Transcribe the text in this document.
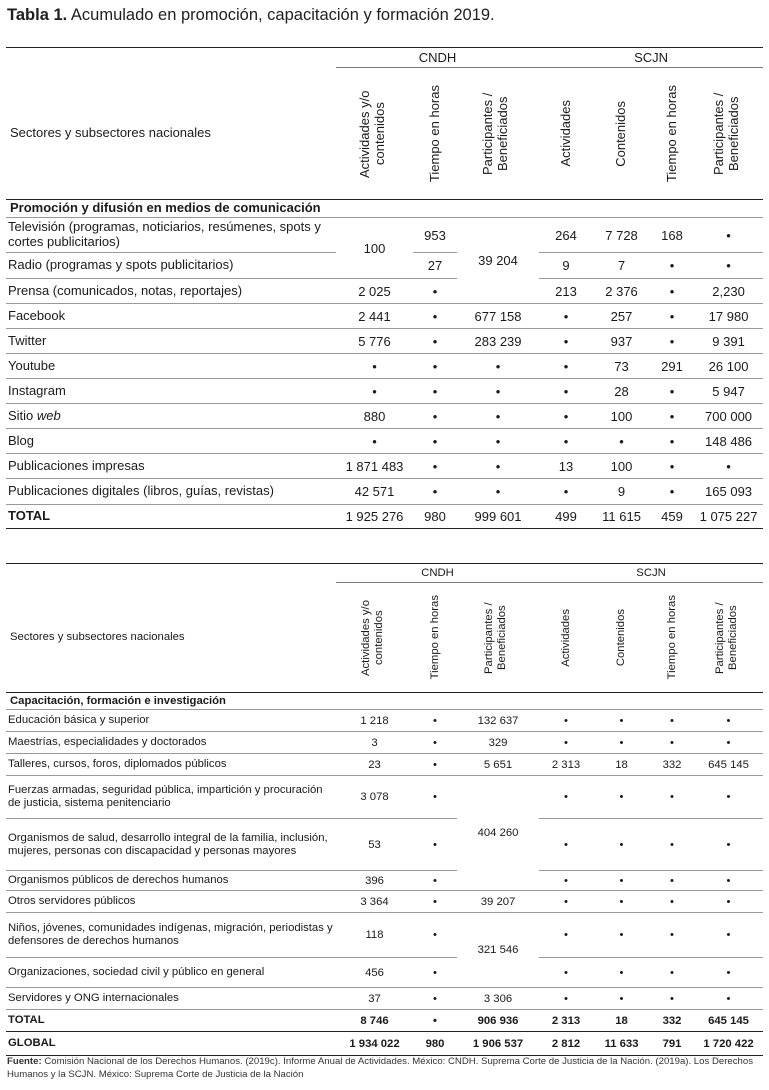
Tabla 1. Acumulado en promoción, capacitación y formación 2019.
	CNDH			SCJN			
Sectores y subsectores nacionales	Actividades y/o contenidos	Tiempo en horas	Participantes / Beneficiados	Actividades	Contenidos	Tiempo en horas	Participantes / Beneficiados

Promoción y difusión en medios de comunicación							
Televisión (programas, noticiarios, resúmenes, spots y cortes publicitarios)	100	953	39 204	264	7 728	168	•
Radio (programas y spots publicitarios)		27		9	7	•	•
Prensa (comunicados, notas, reportajes)	2 025	•		213	2 376	•	2,230
Facebook	2 441	•	677 158	•	257	•	17 980
Twitter	5 776	•	283 239	•	937	•	9 391
Youtube	•	•	•	•	73	291	26 100
Instagram	•	•	•	•	28	•	5 947
Sitio web	880	•	•	•	100	•	700 000
Blog	•	•	•	•	•	•	148 486
Publicaciones impresas	1 871 483	•	•	13	100	•	•
Publicaciones digitales (libros, guías, revistas)	42 571	•	•	•	9	•	165 093
TOTAL	1 925 276	980	999 601	499	11 615	459	1 075 227
	CNDH			SCJN			
Sectores y subsectores nacionales	Actividades y/o contenidos	Tiempo en horas	Participantes / Beneficiados	Actividades	Contenidos	Tiempo en horas	Participantes / Beneficiados

Capacitación, formación e investigación							
Educación básica y superior	1 218	•	132 637	•	•	•	•
Maestrías, especialidades y doctorados	3	•	329	•	•	•	•
Talleres, cursos, foros, diplomados públicos	23	•	5 651	2 313	18	332	645 145
Fuerzas armadas, seguridad pública, impartición y procuración de justicia, sistema penitenciario	3 078	•	404 260	•	•	•	•
Organismos de salud, desarrollo integral de la familia, inclusión, mujeres, personas con discapacidad y personas mayores	53	•		•	•	•	•
Organismos públicos de derechos humanos	396	•		•	•	•	•
Otros servidores públicos	3 364	•	39 207	•	•	•	•
Niños, jóvenes, comunidades indígenas, migración, periodistas y defensores de derechos humanos	118	•	321 546	•	•	•	•
Organizaciones, sociedad civil y público en general	456	•		•	•	•	•
Servidores y ONG internacionales	37	•	3 306	•	•	•	•
TOTAL	8 746	•	906 936	2 313	18	332	645 145
GLOBAL	1 934 022	980	1 906 537	2 812	11 633	791	1 720 422
Fuente: Comisión Nacional de los Derechos Humanos. (2019c). Informe Anual de Actividades. México: CNDH. Suprema Corte de Justicia de la Nación. (2019a). Los Derechos Humanos y la SCJN. México: Suprema Corte de Justicia de la Nación
